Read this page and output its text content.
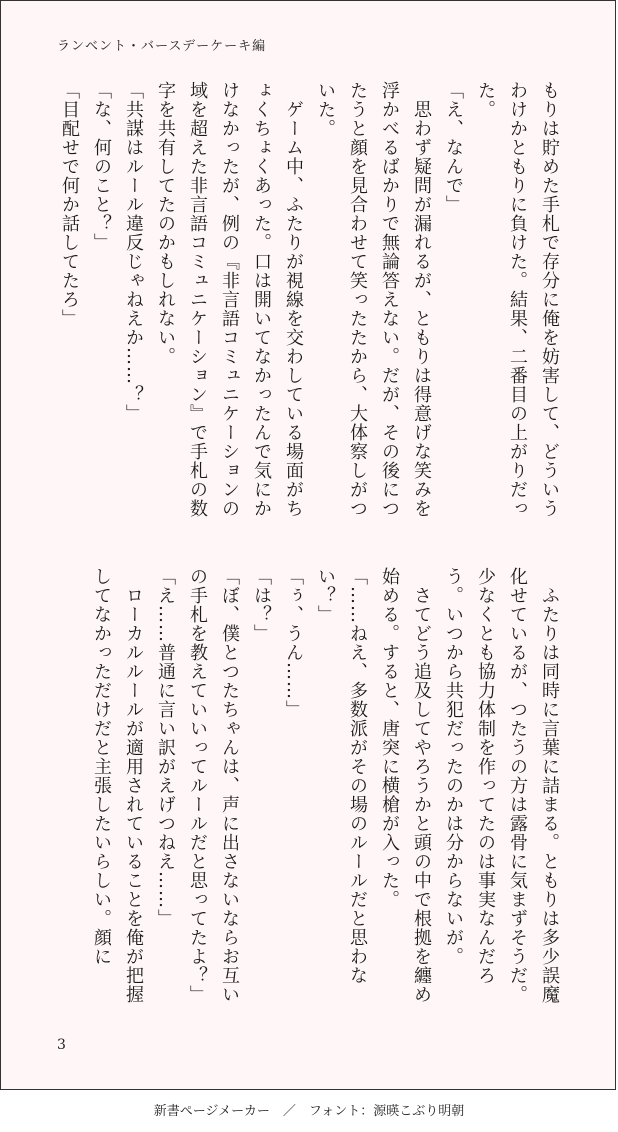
ランベント・バースデーケーキ編

もりは貯めた手札で存分に俺を妨害して、どういうわけかともりに負けた。結果、二番目の上がりだった。

「え、なんで」

　思わず疑問が漏れるが、ともりは得意げな笑みを浮かべるばかりで無論答えない。だが、その後につたうと顔を見合わせて笑ったたから、大体察しがついた。

　ゲーム中、ふたりが視線を交わしている場面がちょくちょくあった。口は開いてなかったんで気にかけなかったが、例の『非言語コミュニケーションの域を超えた非言語コミュニケーション』で手札の数字を共有してたのかもしれない。

「共謀はルール違反じゃねえか……？」

「な、何のこと？」

「目配せで何か話してたろ」

　ふたりは同時に言葉に詰まる。ともりは多少誤魔化せているが、つたうの方は露骨に気まずそうだ。少なくとも協力体制を作ってたのは事実なんだろう。いつから共犯だったのかは分からないが。

　さてどう追及してやろうかと頭の中で根拠を纏め始める。すると、唐突に横槍が入った。

「……ねえ、多数派がその場のルールだと思わない？」

「ぅ、うん……」

「は？」

「ぼ、僕とつたちゃんは、声に出さないならお互いの手札を教えていいってルールだと思ってたよ？」

「え……普通に言い訳がえげつねえ……」

　ローカルルールが適用されていることを俺が把握してなかっただけだと主張したいらしい。顔に

3
新書ページメーカー　／　フォント：源暎こぶり明朝
